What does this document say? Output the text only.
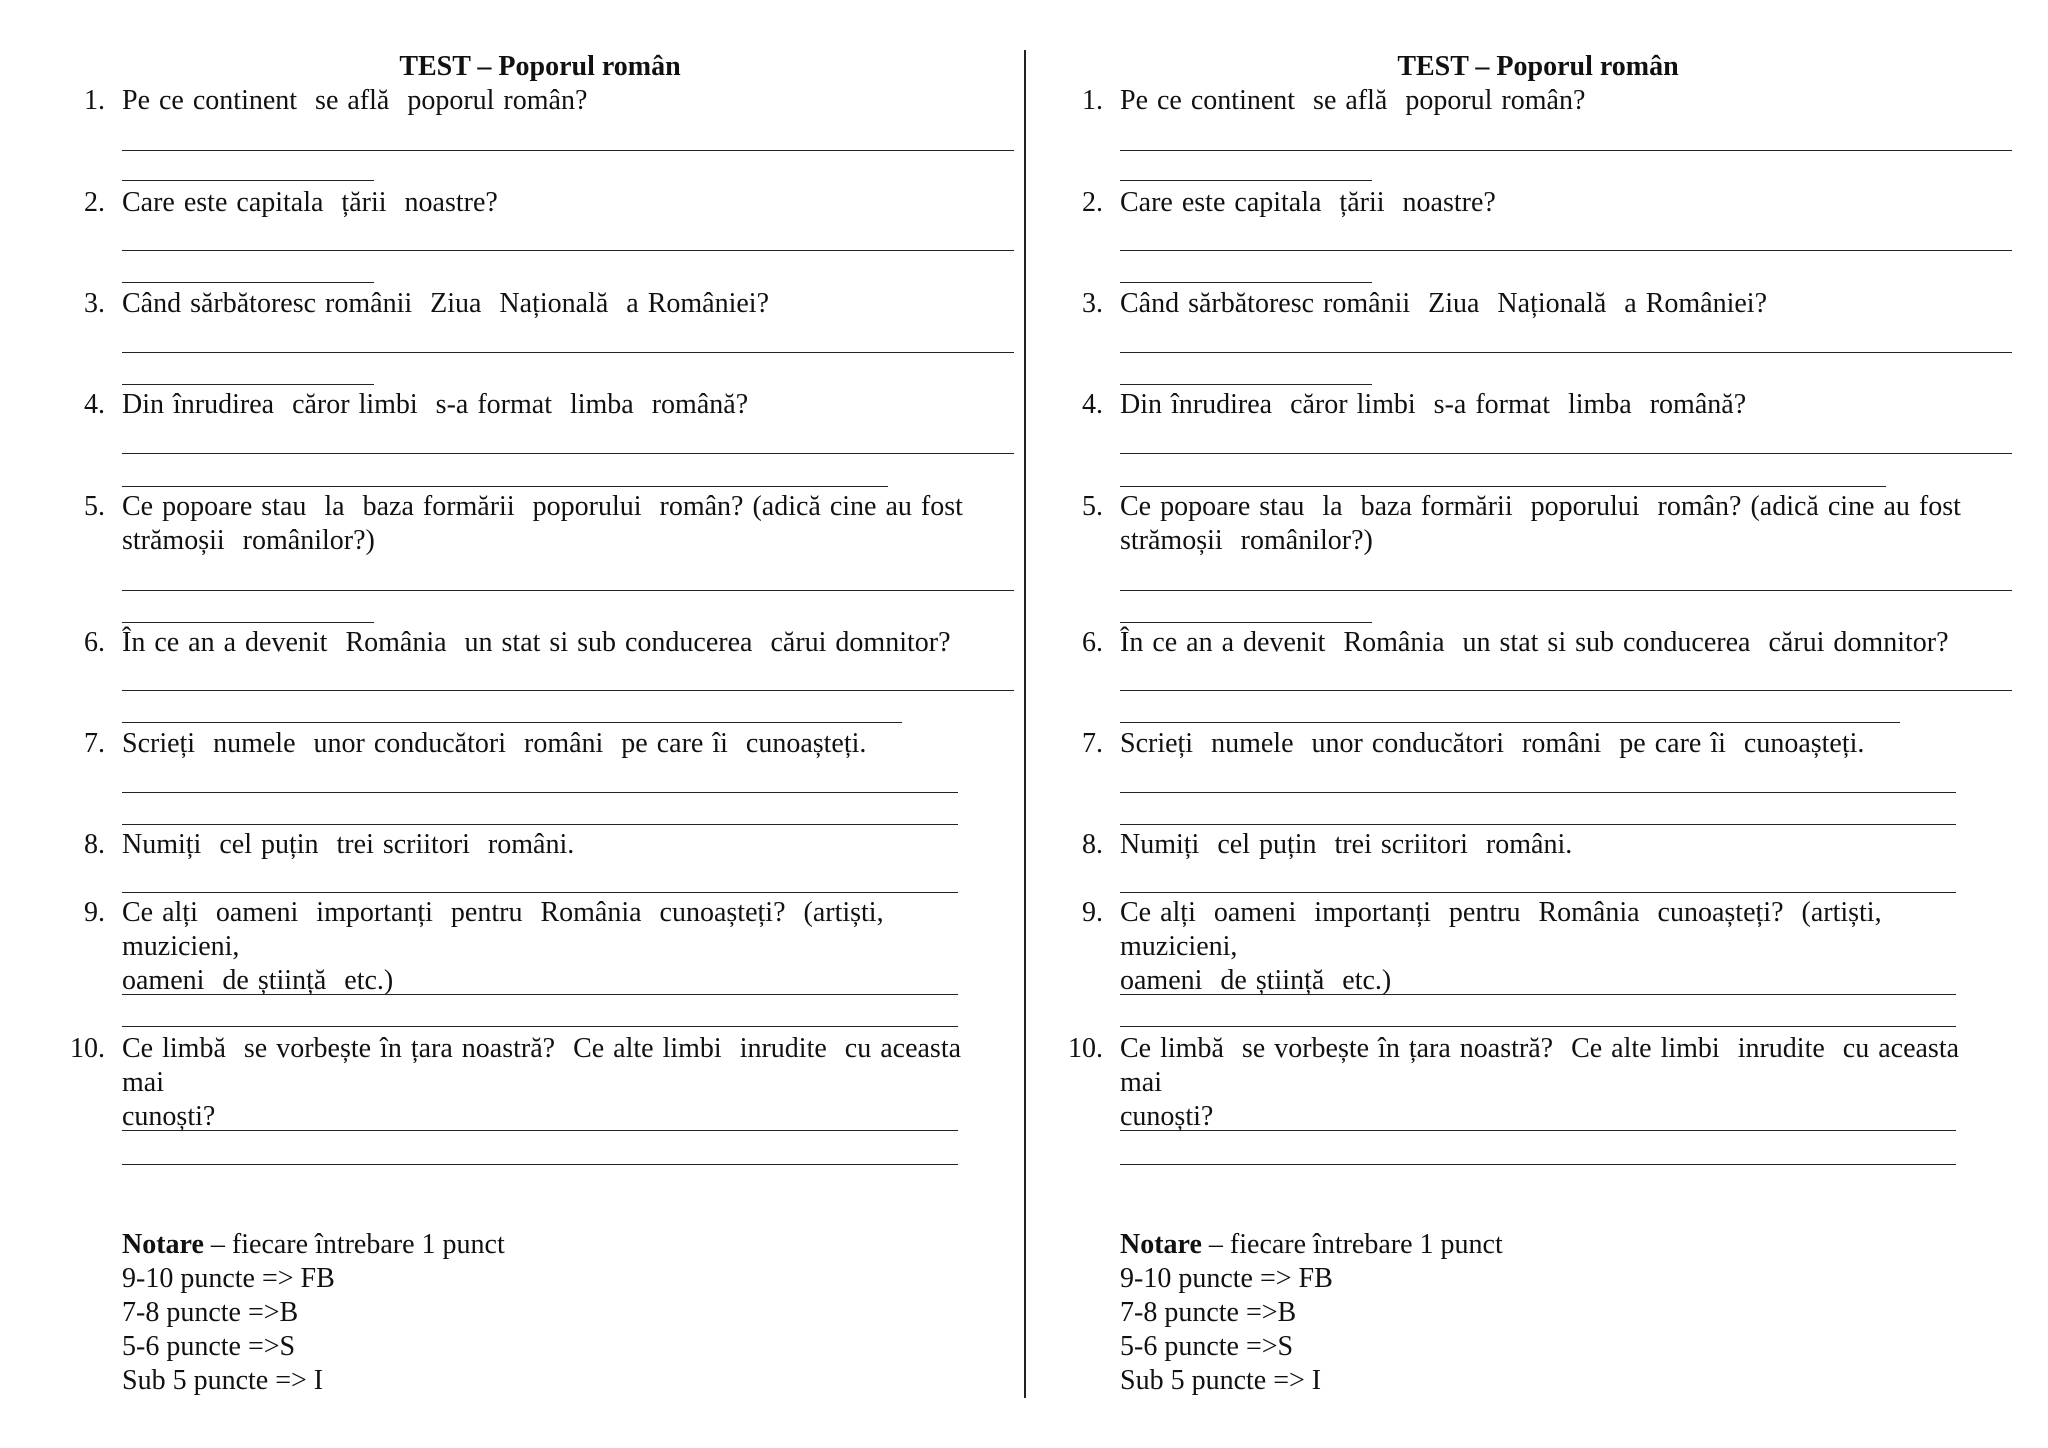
TEST – Poporul român
1. Pe ce continent  se află  poporul român?
2. Care este capitala  țării  noastre?
3. Când sărbătoresc românii  Ziua  Națională  a României?
4. Din înrudirea  căror limbi  s-a format  limba  română?
5. Ce popoare stau  la  baza formării  poporului  român? (adică cine au fost
strămoșii  românilor?)
6. În ce an a devenit  România  un stat si sub conducerea  cărui domnitor?
7. Scrieți  numele  unor conducători  români  pe care îi  cunoașteți.
8. Numiți  cel puțin  trei scriitori  români.
9. Ce alți  oameni  importanți  pentru  România  cunoașteți?  (artiști,  muzicieni,
oameni  de știință  etc.)
10. Ce limbă  se vorbește în țara noastră?  Ce alte limbi  inrudite  cu aceasta mai
cunoști?
Notare – fiecare întrebare 1 punct
9-10 puncte => FB
7-8 puncte =>B
5-6 puncte =>S
Sub 5 puncte => I
TEST – Poporul român
1. Pe ce continent  se află  poporul român?
2. Care este capitala  țării  noastre?
3. Când sărbătoresc românii  Ziua  Națională  a României?
4. Din înrudirea  căror limbi  s-a format  limba  română?
5. Ce popoare stau  la  baza formării  poporului  român? (adică cine au fost
strămoșii  românilor?)
6. În ce an a devenit  România  un stat si sub conducerea  cărui domnitor?
7. Scrieți  numele  unor conducători  români  pe care îi  cunoașteți.
8. Numiți  cel puțin  trei scriitori  români.
9. Ce alți  oameni  importanți  pentru  România  cunoașteți?  (artiști,  muzicieni,
oameni  de știință  etc.)
10. Ce limbă  se vorbește în țara noastră?  Ce alte limbi  inrudite  cu aceasta mai
cunoști?
Notare – fiecare întrebare 1 punct
9-10 puncte => FB
7-8 puncte =>B
5-6 puncte =>S
Sub 5 puncte => I
